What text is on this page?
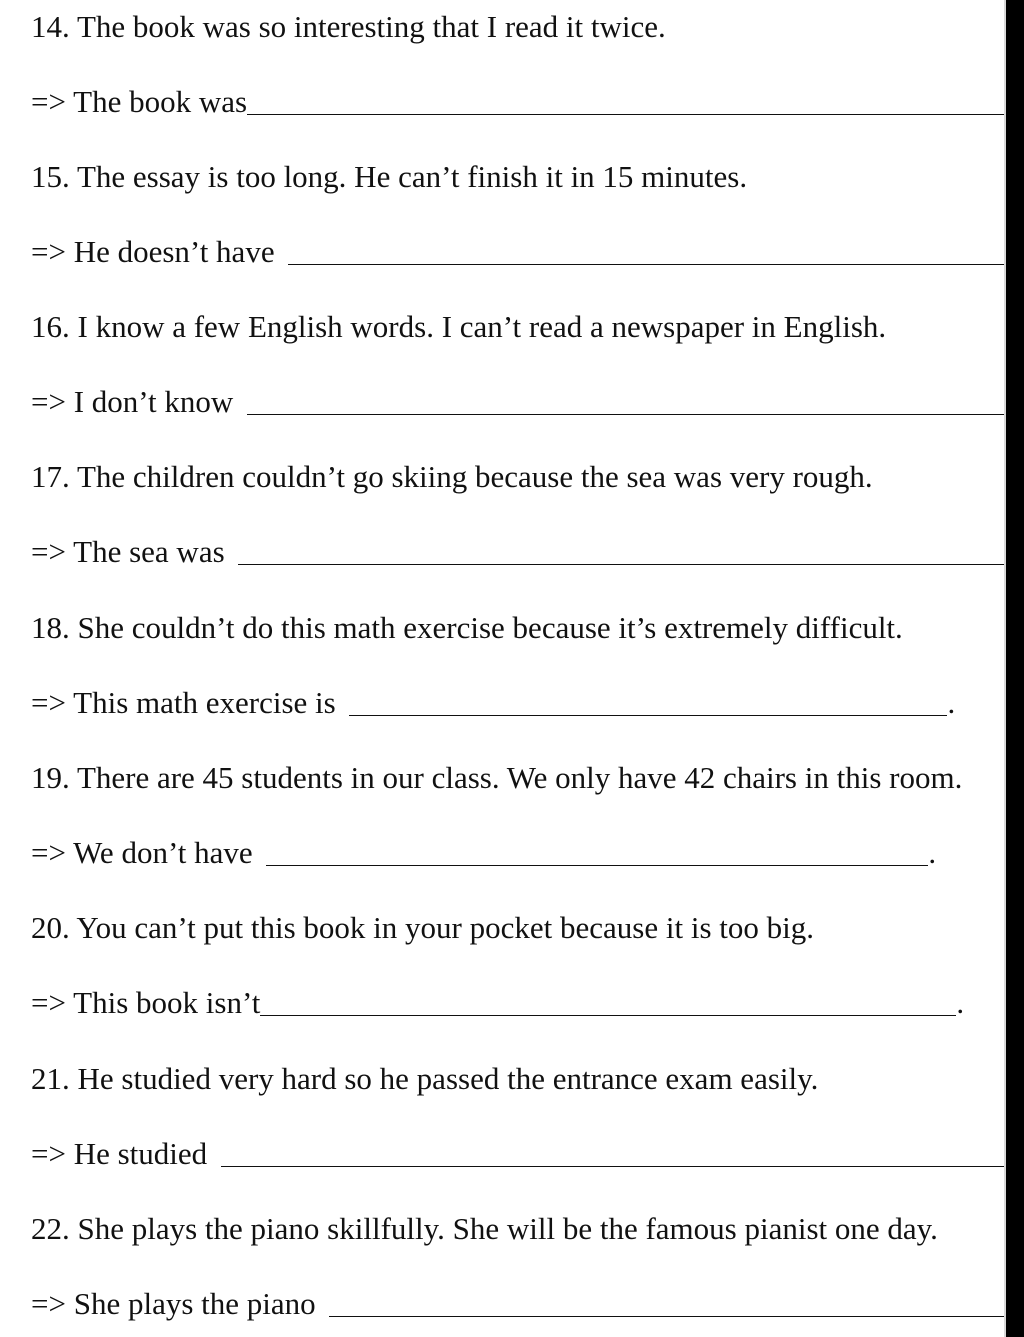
14. The book was so interesting that I read it twice.
=> The book was
15. The essay is too long. He can’t finish it in 15 minutes.
=> He doesn’t have
16. I know a few English words. I can’t read a newspaper in English.
=> I don’t know
17. The children couldn’t go skiing because the sea was very rough.
=> The sea was
18. She couldn’t do this math exercise because it’s extremely difficult.
=> This math exercise is	.
19. There are 45 students in our class. We only have 42 chairs in this room.
=> We don’t have	.
20. You can’t put this book in your pocket because it is too big.
=> This book isn’t	.
21. He studied very hard so he passed the entrance exam easily.
=> He studied
22. She plays the piano skillfully. She will be the famous pianist one day.
=> She plays the piano
